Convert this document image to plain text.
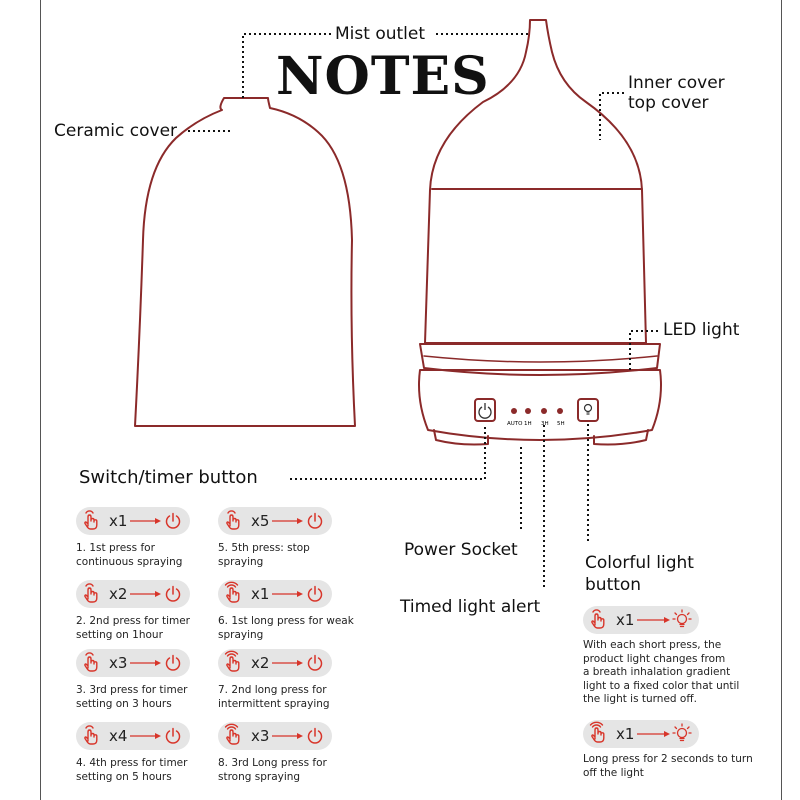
AUTO 1H 3H 5H
NOTES
Mist outlet
Ceramic cover
Inner cover
top cover
LED light
Switch/timer button
Power Socket
Timed light alert
Colorful light
button
x1
1. 1st press for
continuous spraying
x2
2. 2nd press for timer
setting on 1hour
x3
3. 3rd press for timer
setting on 3 hours
x4
4. 4th press for timer
setting on 5 hours
x5
5. 5th press: stop spraying
x1
6. 1st long press for weak
spraying
x2
7. 2nd long press for
intermittent spraying
x3
8. 3rd Long press for
strong spraying
x1
With each short press, the
product light changes from
a breath inhalation gradient
light to a fixed color that until
the light is turned off.
x1
Long press for 2 seconds to turn
off the light
